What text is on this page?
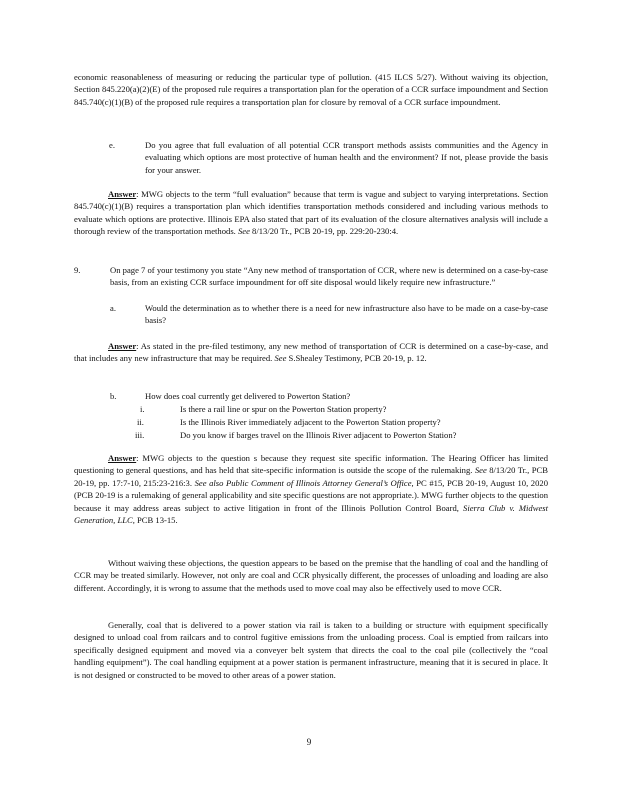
economic reasonableness of measuring or reducing the particular type of pollution. (415 ILCS 5/27). Without waiving its objection, Section 845.220(a)(2)(E) of the proposed rule requires a transportation plan for the operation of a CCR surface impoundment and Section 845.740(c)(1)(B) of the proposed rule requires a transportation plan for closure by removal of a CCR surface impoundment.

e.	Do you agree that full evaluation of all potential CCR transport methods assists communities and the Agency in evaluating which options are most protective of human health and the environment? If not, please provide the basis for your answer.

Answer: MWG objects to the term “full evaluation” because that term is vague and subject to varying interpretations. Section 845.740(c)(1)(B) requires a transportation plan which identifies transportation methods considered and including various methods to evaluate which options are protective. Illinois EPA also stated that part of its evaluation of the closure alternatives analysis will include a thorough review of the transportation methods. See 8/13/20 Tr., PCB 20-19, pp. 229:20-230:4.

9.	On page 7 of your testimony you state “Any new method of transportation of CCR, where new is determined on a case-by-case basis, from an existing CCR surface impoundment for off site disposal would likely require new infrastructure.”
a.	Would the determination as to whether there is a need for new infrastructure also have to be made on a case-by-case basis?

Answer: As stated in the pre-filed testimony, any new method of transportation of CCR is determined on a case-by-case, and that includes any new infrastructure that may be required. See S.Shealey Testimony, PCB 20-19, p. 12.

b.	How does coal currently get delivered to Powerton Station?
i.	Is there a rail line or spur on the Powerton Station property?
ii.	Is the Illinois River immediately adjacent to the Powerton Station property?
iii.	Do you know if barges travel on the Illinois River adjacent to Powerton Station?

Answer: MWG objects to the question s because they request site specific information. The Hearing Officer has limited questioning to general questions, and has held that site-specific information is outside the scope of the rulemaking. See 8/13/20 Tr., PCB 20-19, pp. 17:7-10, 215:23-216:3. See also Public Comment of Illinois Attorney General’s Office, PC #15, PCB 20-19, August 10, 2020 (PCB 20-19 is a rulemaking of general applicability and site specific questions are not appropriate.). MWG further objects to the question because it may address areas subject to active litigation in front of the Illinois Pollution Control Board, Sierra Club v. Midwest Generation, LLC, PCB 13-15.

Without waiving these objections, the question appears to be based on the premise that the handling of coal and the handling of CCR may be treated similarly. However, not only are coal and CCR physically different, the processes of unloading and loading are also different. Accordingly, it is wrong to assume that the methods used to move coal may also be effectively used to move CCR.

Generally, coal that is delivered to a power station via rail is taken to a building or structure with equipment specifically designed to unload coal from railcars and to control fugitive emissions from the unloading process. Coal is emptied from railcars into specifically designed equipment and moved via a conveyer belt system that directs the coal to the coal pile (collectively the “coal handling equipment”). The coal handling equipment at a power station is permanent infrastructure, meaning that it is secured in place. It is not designed or constructed to be moved to other areas of a power station.

9
